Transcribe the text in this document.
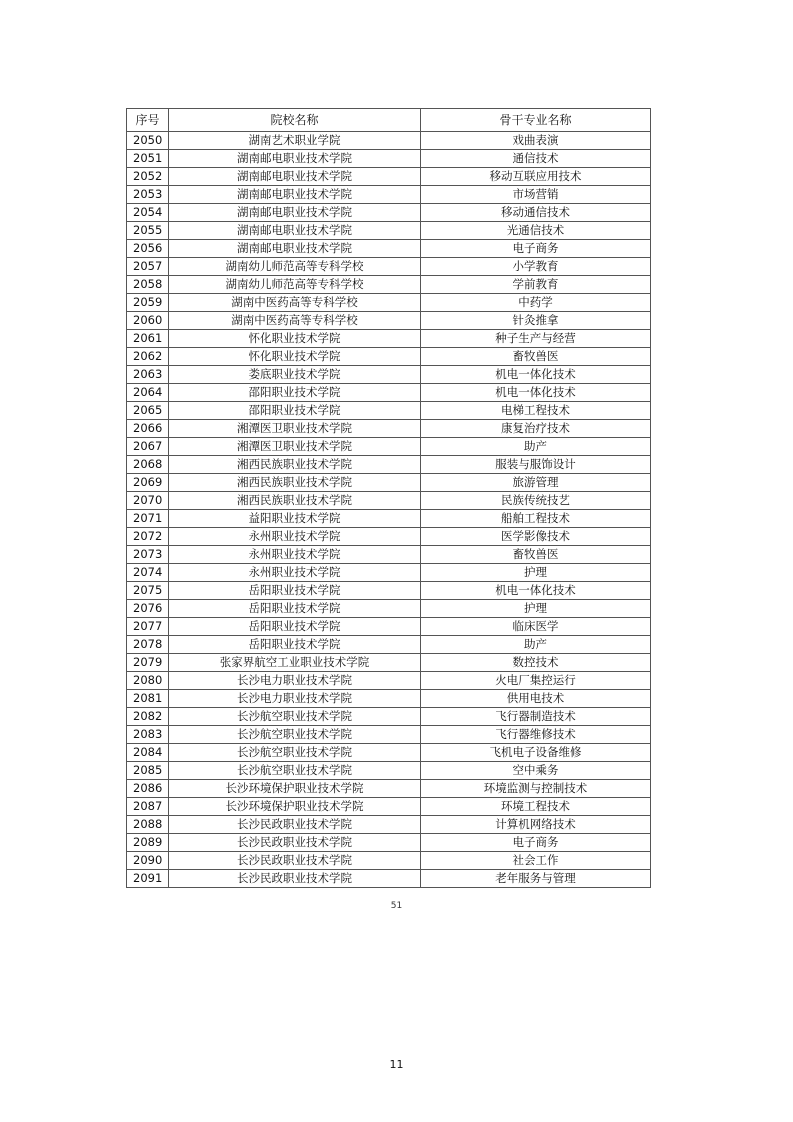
序号	院校名称	骨干专业名称
2050	湖南艺术职业学院	戏曲表演
2051	湖南邮电职业技术学院	通信技术
2052	湖南邮电职业技术学院	移动互联应用技术
2053	湖南邮电职业技术学院	市场营销
2054	湖南邮电职业技术学院	移动通信技术
2055	湖南邮电职业技术学院	光通信技术
2056	湖南邮电职业技术学院	电子商务
2057	湖南幼儿师范高等专科学校	小学教育
2058	湖南幼儿师范高等专科学校	学前教育
2059	湖南中医药高等专科学校	中药学
2060	湖南中医药高等专科学校	针灸推拿
2061	怀化职业技术学院	种子生产与经营
2062	怀化职业技术学院	畜牧兽医
2063	娄底职业技术学院	机电一体化技术
2064	邵阳职业技术学院	机电一体化技术
2065	邵阳职业技术学院	电梯工程技术
2066	湘潭医卫职业技术学院	康复治疗技术
2067	湘潭医卫职业技术学院	助产
2068	湘西民族职业技术学院	服装与服饰设计
2069	湘西民族职业技术学院	旅游管理
2070	湘西民族职业技术学院	民族传统技艺
2071	益阳职业技术学院	船舶工程技术
2072	永州职业技术学院	医学影像技术
2073	永州职业技术学院	畜牧兽医
2074	永州职业技术学院	护理
2075	岳阳职业技术学院	机电一体化技术
2076	岳阳职业技术学院	护理
2077	岳阳职业技术学院	临床医学
2078	岳阳职业技术学院	助产
2079	张家界航空工业职业技术学院	数控技术
2080	长沙电力职业技术学院	火电厂集控运行
2081	长沙电力职业技术学院	供用电技术
2082	长沙航空职业技术学院	飞行器制造技术
2083	长沙航空职业技术学院	飞行器维修技术
2084	长沙航空职业技术学院	飞机电子设备维修
2085	长沙航空职业技术学院	空中乘务
2086	长沙环境保护职业技术学院	环境监测与控制技术
2087	长沙环境保护职业技术学院	环境工程技术
2088	长沙民政职业技术学院	计算机网络技术
2089	长沙民政职业技术学院	电子商务
2090	长沙民政职业技术学院	社会工作
2091	长沙民政职业技术学院	老年服务与管理
51
11
